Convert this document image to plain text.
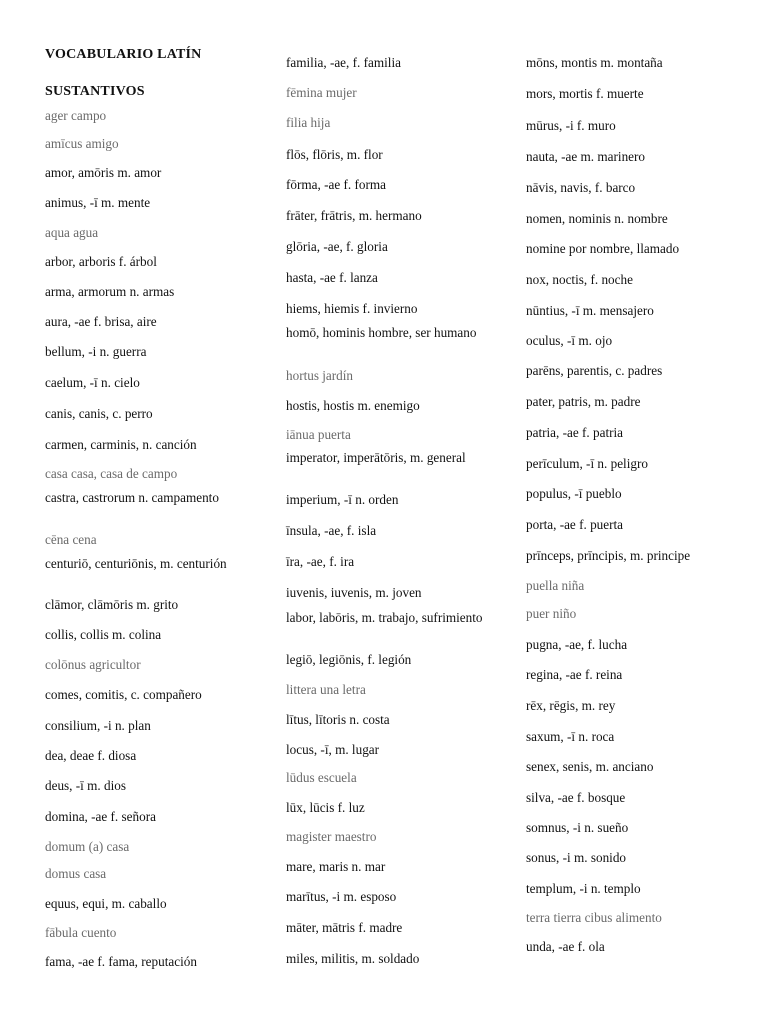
VOCABULARIO LATÍN
SUSTANTIVOS
ager campo
amīcus amigo
amor, amōris m. amor
animus, -ī m. mente
aqua agua
arbor, arboris f. árbol
arma, armorum n. armas
aura, -ae f. brisa, aire
bellum, -i n. guerra
caelum, -ī n. cielo
canis, canis, c. perro
carmen, carminis, n. canción
casa casa, casa de campo
castra, castrorum n. campamento
cēna cena
centuriō, centuriōnis, m. centurión
clāmor, clāmōris m. grito
collis, collis m. colina
colōnus agricultor
comes, comitis, c. compañero
consilium, -i n. plan
dea, deae f. diosa
deus, -ī m. dios
domina, -ae f. señora
domum (a) casa
domus casa
equus, equi, m. caballo
fābula cuento
fama, -ae f. fama, reputación
familia, -ae, f. familia
fēmina mujer
filia hija
flōs, flōris, m. flor
fōrma, -ae f. forma
frāter, frātris, m. hermano
glōria, -ae, f. gloria
hasta, -ae f. lanza
hiems, hiemis f. invierno
homō, hominis hombre, ser humano
hortus jardín
hostis, hostis m. enemigo
iānua puerta
imperator, imperātōris, m. general
imperium, -ī n. orden
īnsula, -ae, f. isla
īra, -ae, f. ira
iuvenis, iuvenis, m. joven
labor, labōris, m. trabajo, sufrimiento
legiō, legiōnis, f. legión
littera una letra
lītus, lītoris n. costa
locus, -ī, m. lugar
lūdus escuela
lūx, lūcis f. luz
magister maestro
mare, maris n. mar
marītus, -i m. esposo
māter, mātris f. madre
miles, militis, m. soldado
mōns, montis m. montaña
mors, mortis f. muerte
mūrus, -i f. muro
nauta, -ae m. marinero
nāvis, navis, f. barco
nomen, nominis n. nombre
nomine por nombre, llamado
nox, noctis, f. noche
nūntius, -ī m. mensajero
oculus, -ī m. ojo
parēns, parentis, c. padres
pater, patris, m. padre
patria, -ae f. patria
perīculum, -ī n. peligro
populus, -ī pueblo
porta, -ae f. puerta
prīnceps, prīncipis, m. principe
puella niña
puer niño
pugna, -ae, f. lucha
regina, -ae f. reina
rēx, rēgis, m. rey
saxum, -ī n. roca
senex, senis, m. anciano
silva, -ae f. bosque
somnus, -i n. sueño
sonus, -i m. sonido
templum, -i n. templo
terra tierra cibus alimento
unda, -ae f. ola
